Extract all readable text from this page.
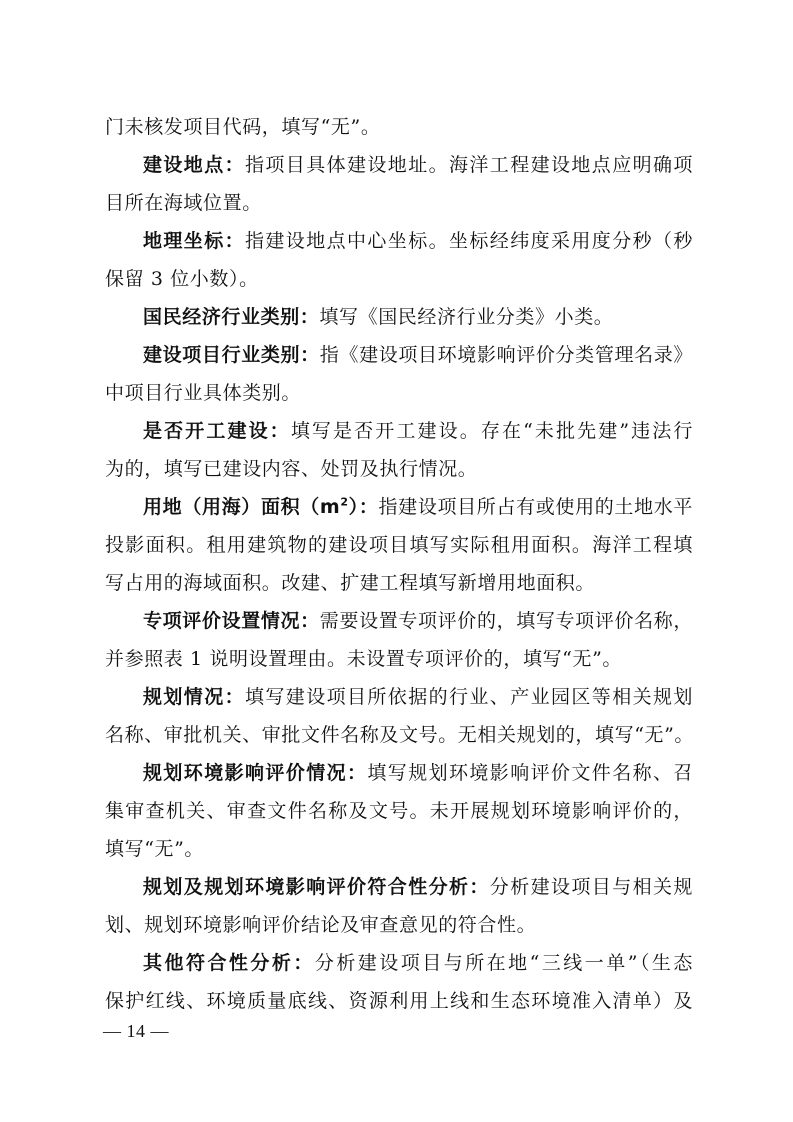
门未核发项目代码，填写“无”。

建设地点：指项目具体建设地址。海洋工程建设地点应明确项

目所在海域位置。

地理坐标：指建设地点中心坐标。坐标经纬度采用度分秒（秒

保留 3 位小数）。

国民经济行业类别：填写《国民经济行业分类》小类。

建设项目行业类别：指《建设项目环境影响评价分类管理名录》

中项目行业具体类别。

是否开工建设：填写是否开工建设。存在“未批先建”违法行

为的，填写已建设内容、处罚及执行情况。

用地（用海）面积$(m^2)$：指建设项目所占有或使用的土地水平

投影面积。租用建筑物的建设项目填写实际租用面积。海洋工程填

写占用的海域面积。改建、扩建工程填写新增用地面积。

专项评价设置情况：需要设置专项评价的，填写专项评价名称，

并参照表 1 说明设置理由。未设置专项评价的，填写“无”。

规划情况：填写建设项目所依据的行业、产业园区等相关规划

名称、审批机关、审批文件名称及文号。无相关规划的，填写“无”。

规划环境影响评价情况：填写规划环境影响评价文件名称、召

集审查机关、审查文件名称及文号。未开展规划环境影响评价的，

填写“无”。

规划及规划环境影响评价符合性分析：分析建设项目与相关规

划、规划环境影响评价结论及审查意见的符合性。

其他符合性分析：分析建设项目与所在地“三线一单”（生态

保护红线、环境质量底线、资源利用上线和生态环境准入清单）及

— 14 —
